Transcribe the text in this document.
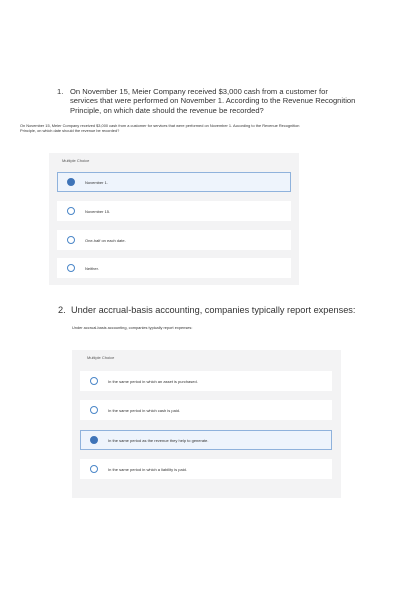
1. On November 15, Meier Company received $3,000 cash from a customer for services that were performed on November 1. According to the Revenue Recognition Principle, on which date should the revenue be recorded?
On November 15, Meier Company received $3,000 cash from a customer for services that were performed on November 1. According to the Revenue Recognition Principle, on which date should the revenue be recorded?
Multiple Choice
November 1.
November 15.
One-half on each date.
Neither.
2. Under accrual-basis accounting, companies typically report expenses:
Under accrual-basis accounting, companies typically report expenses:
Multiple Choice
In the same period in which an asset is purchased.
In the same period in which cash is paid.
In the same period as the revenue they help to generate.
In the same period in which a liability is paid.
